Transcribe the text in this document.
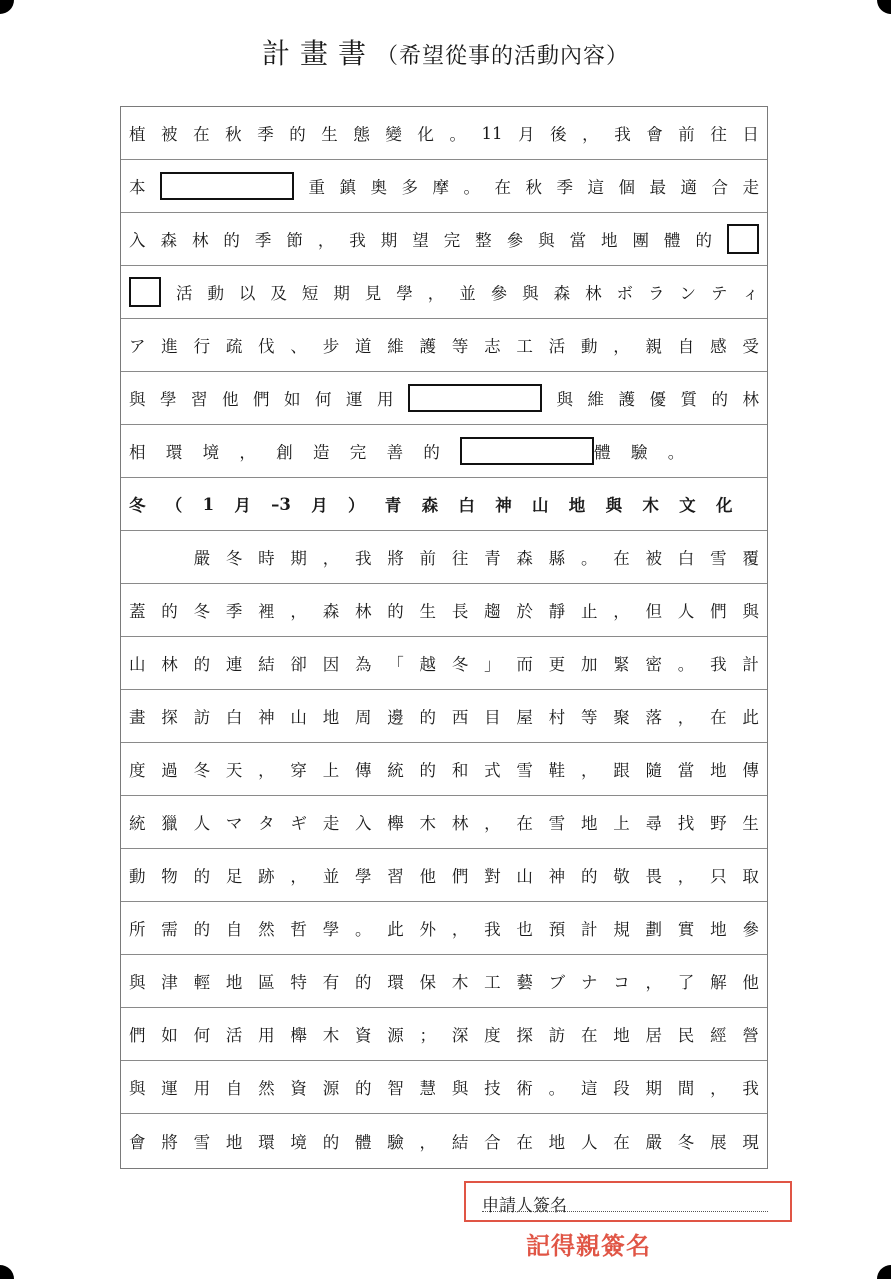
計畫書（希望從事的活動內容）
植 被 在 秋 季 的 生 態 變 化 。 11 月 後 ， 我 會 前 往 日
本	重 鎮 奧 多 摩 。 在 秋 季 這 個 最 適 合 走
入 森 林 的 季 節 ， 我 期 望 完 整 參 與 當 地 團 體 的
活 動 以 及 短 期 見 學 ， 並 參 與 森 林 ボ ラ ン テ ィ
ア 進 行 疏 伐 、 步 道 維 護 等 志 工 活 動 ， 親 自 感 受
與 學 習 他 們 如 何 運 用	與 維 護 優 質 的 林
相 環 境 ， 創 造 完 善 的	體 驗 。
冬 （ 1 月 –3 月 ） 青 森 白 神 山 地 與 木 文 化

嚴 冬 時 期 ， 我 將 前 往 青 森 縣 。 在 被 白 雪 覆
蓋 的 冬 季 裡 ， 森 林 的 生 長 趨 於 靜 止 ， 但 人 們 與
山 林 的 連 結 卻 因 為 「 越 冬 」 而 更 加 緊 密 。 我 計
畫 探 訪 白 神 山 地 周 邊 的 西 目 屋 村 等 聚 落 ， 在 此
度 過 冬 天 ， 穿 上 傳 統 的 和 式 雪 鞋 ， 跟 隨 當 地 傳
統 獵 人 マ タ ギ 走 入 櫸 木 林 ， 在 雪 地 上 尋 找 野 生
動 物 的 足 跡 ， 並 學 習 他 們 對 山 神 的 敬 畏 ， 只 取
所 需 的 自 然 哲 學 。 此 外 ， 我 也 預 計 規 劃 實 地 參
與 津 輕 地 區 特 有 的 環 保 木 工 藝 ブ ナ コ ， 了 解 他
們 如 何 活 用 櫸 木 資 源 ； 深 度 探 訪 在 地 居 民 經 營
與 運 用 自 然 資 源 的 智 慧 與 技 術 。 這 段 期 間 ， 我
會 將 雪 地 環 境 的 體 驗 ， 結 合 在 地 人 在 嚴 冬 展 現
申請人簽名
記得親簽名
